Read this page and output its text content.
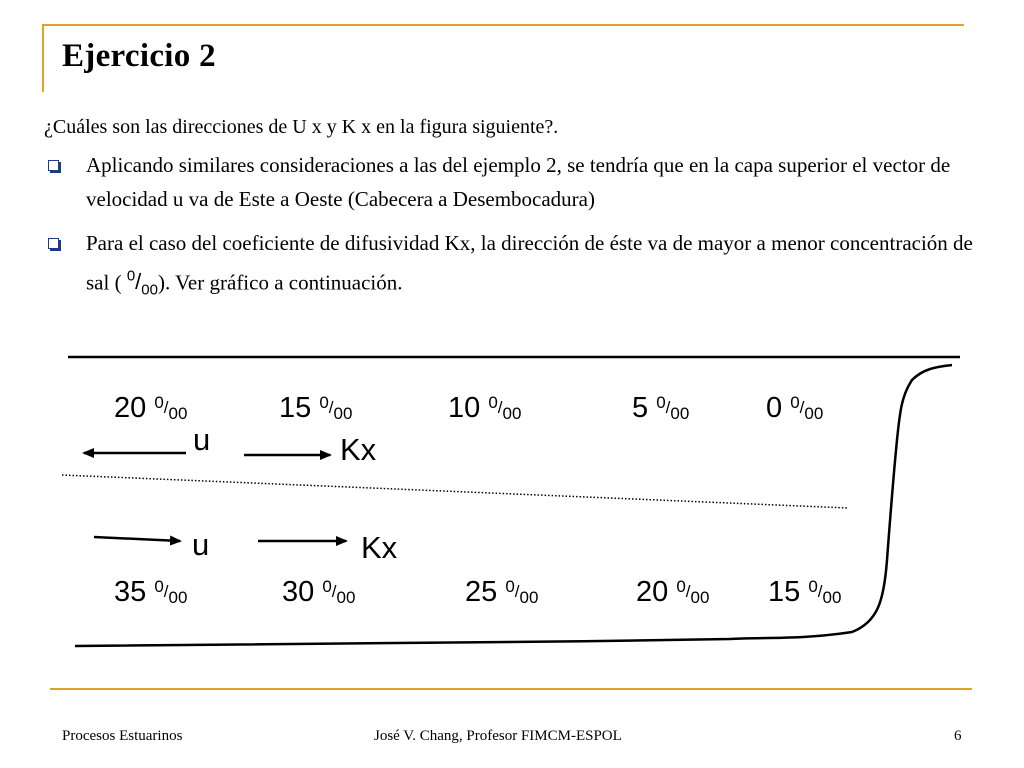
Ejercicio 2
¿Cuáles son las direcciones de U x y K x en la figura siguiente?.
Aplicando similares consideraciones a las del ejemplo 2, se tendría que en la capa superior el vector de velocidad u va de Este a Oeste (Cabecera a Desembocadura)
Para el caso del coeficiente de difusividad Kx, la dirección de éste va de mayor a menor concentración de sal ( $^0/_{00}$). Ver gráfico a continuación.
20 0/00	15 0/00	10 0/00	5 0/00	0 0/00
u	Kx
u	Kx
35 0/00	30 0/00	25 0/00	20 0/00 15 0/00
Procesos Estuarinos	José V. Chang, Profesor FIMCM-ESPOL	6
